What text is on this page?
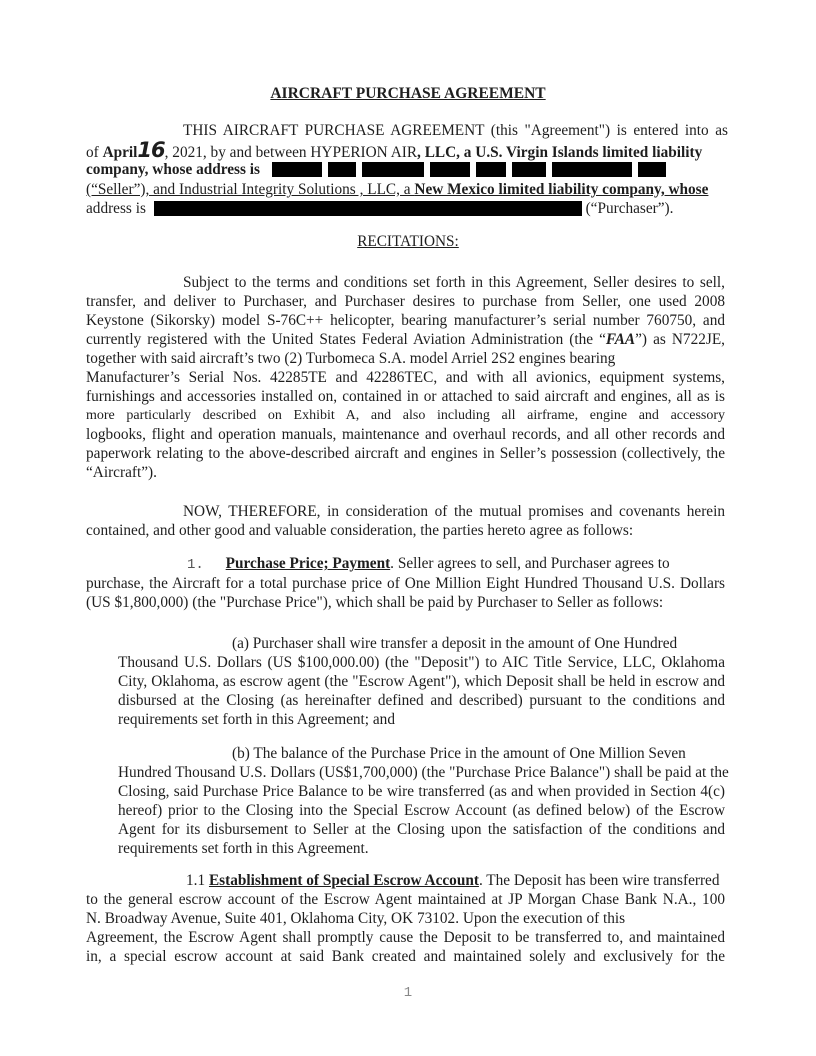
AIRCRAFT PURCHASE AGREEMENT
THIS AIRCRAFT PURCHASE AGREEMENT (this "Agreement") is entered into as
of April16, 2021, by and between HYPERION AIR, LLC, a U.S. Virgin Islands limited liability
company, whose address is
(“Seller”), and Industrial Integrity Solutions , LLC, a New Mexico limited liability company, whose
address is	(“Purchaser”).
RECITATIONS:
Subject to the terms and conditions set forth in this Agreement, Seller desires to sell,
transfer, and deliver to Purchaser, and Purchaser desires to purchase from Seller, one used 2008
Keystone (Sikorsky) model S-76C++ helicopter, bearing manufacturer’s serial number 760750, and
currently registered with the United States Federal Aviation Administration (the “FAA”) as N722JE,
together with said aircraft’s two (2) Turbomeca S.A. model Arriel 2S2 engines bearing
Manufacturer’s Serial Nos. 42285TE and 42286TEC, and with all avionics, equipment systems,
furnishings and accessories installed on, contained in or attached to said aircraft and engines, all as is
more particularly described on Exhibit A, and also including all airframe, engine and accessory
logbooks, flight and operation manuals, maintenance and overhaul records, and all other records and
paperwork relating to the above-described aircraft and engines in Seller’s possession (collectively, the
“Aircraft”).
NOW, THEREFORE, in consideration of the mutual promises and covenants herein
contained, and other good and valuable consideration, the parties hereto agree as follows:
1. Purchase Price; Payment. Seller agrees to sell, and Purchaser agrees to
purchase, the Aircraft for a total purchase price of One Million Eight Hundred Thousand U.S. Dollars
(US $1,800,000) (the "Purchase Price"), which shall be paid by Purchaser to Seller as follows:
(a) Purchaser shall wire transfer a deposit in the amount of One Hundred
Thousand U.S. Dollars (US $100,000.00) (the "Deposit") to AIC Title Service, LLC, Oklahoma
City, Oklahoma, as escrow agent (the "Escrow Agent"), which Deposit shall be held in escrow and
disbursed at the Closing (as hereinafter defined and described) pursuant to the conditions and
requirements set forth in this Agreement; and
(b) The balance of the Purchase Price in the amount of One Million Seven
Hundred Thousand U.S. Dollars (US$1,700,000) (the "Purchase Price Balance") shall be paid at the
Closing, said Purchase Price Balance to be wire transferred (as and when provided in Section 4(c)
hereof) prior to the Closing into the Special Escrow Account (as defined below) of the Escrow
Agent for its disbursement to Seller at the Closing upon the satisfaction of the conditions and
requirements set forth in this Agreement.
1.1 Establishment of Special Escrow Account. The Deposit has been wire transferred
to the general escrow account of the Escrow Agent maintained at JP Morgan Chase Bank N.A., 100
N. Broadway Avenue, Suite 401, Oklahoma City, OK 73102. Upon the execution of this
Agreement, the Escrow Agent shall promptly cause the Deposit to be transferred to, and maintained
in, a special escrow account at said Bank created and maintained solely and exclusively for the
1
